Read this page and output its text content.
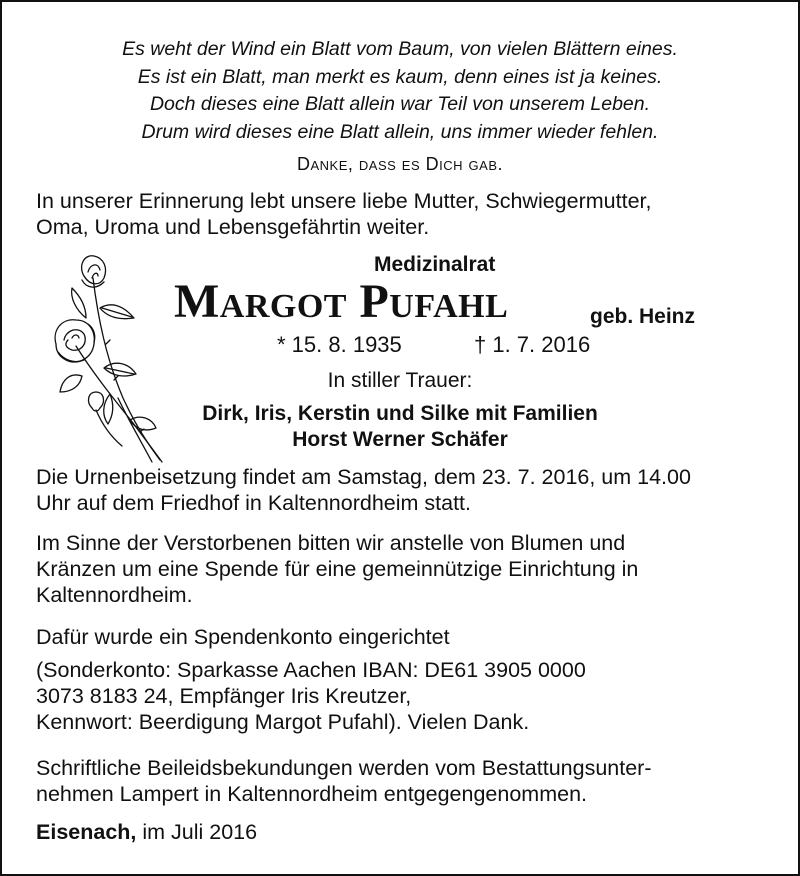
Es weht der Wind ein Blatt vom Baum, von vielen Blättern eines.
Es ist ein Blatt, man merkt es kaum, denn eines ist ja keines.
Doch dieses eine Blatt allein war Teil von unserem Leben.
Drum wird dieses eine Blatt allein, uns immer wieder fehlen.
Danke, dass es Dich gab.
In unserer Erinnerung lebt unsere liebe Mutter, Schwiegermutter,
Oma, Uroma und Lebensgefährtin weiter.
Medizinalrat
Margot Pufahl	geb. Heinz
* 15. 8. 1935	† 1. 7. 2016
In stiller Trauer:
Dirk, Iris, Kerstin und Silke mit Familien
Horst Werner Schäfer
Die Urnenbeisetzung findet am Samstag, dem 23. 7. 2016, um 14.00
Uhr auf dem Friedhof in Kaltennordheim statt.
Im Sinne der Verstorbenen bitten wir anstelle von Blumen und
Kränzen um eine Spende für eine gemeinnützige Einrichtung in
Kaltennordheim.
Dafür wurde ein Spendenkonto eingerichtet
(Sonderkonto: Sparkasse Aachen IBAN: DE61 3905 0000
3073 8183 24, Empfänger Iris Kreutzer,
Kennwort: Beerdigung Margot Pufahl). Vielen Dank.
Schriftliche Beileidsbekundungen werden vom Bestattungsunter-
nehmen Lampert in Kaltennordheim entgegengenommen.
Eisenach, im Juli 2016
